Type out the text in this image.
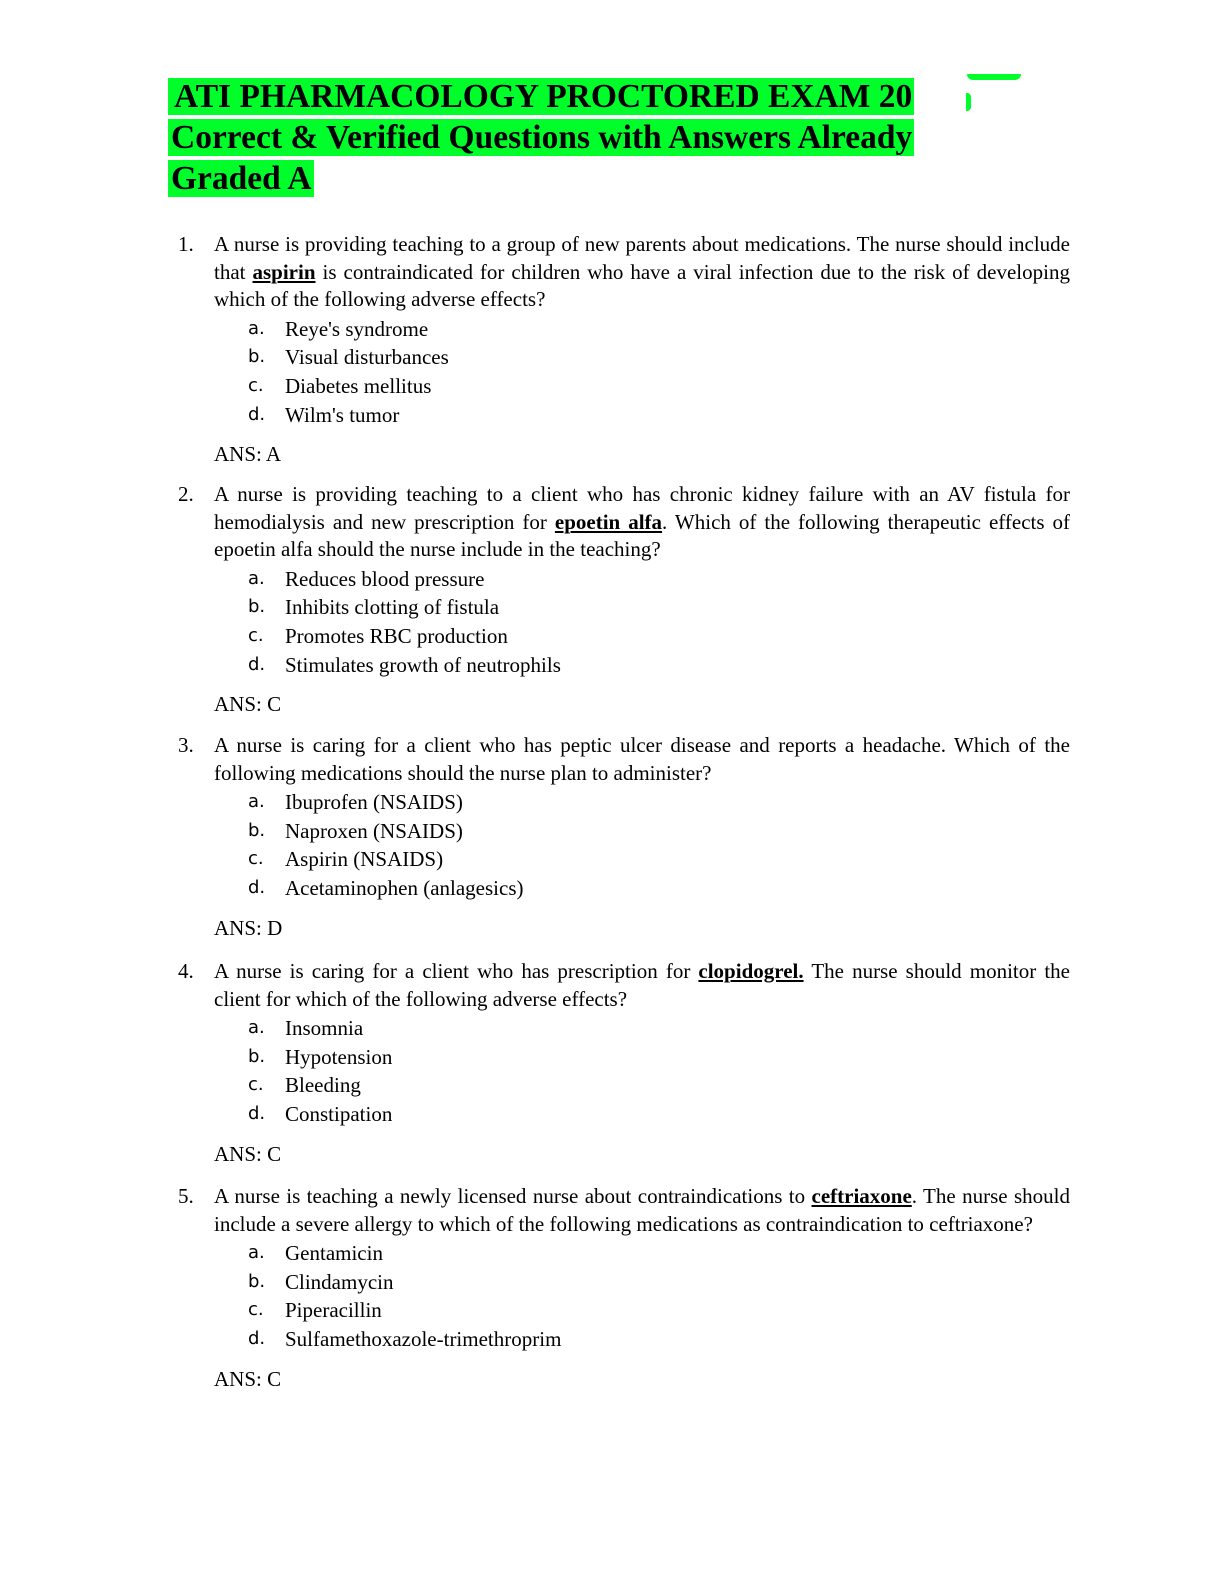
ATI PHARMACOLOGY PROCTORED EXAM 20
Correct & Verified Questions with Answers Already
Graded A
1. A nurse is providing teaching to a group of new parents about medications. The nurse should include that aspirin is contraindicated for children who have a viral infection due to the risk of developing which of the following adverse effects?
a. Reye's syndrome
b. Visual disturbances
c. Diabetes mellitus
d. Wilm's tumor
ANS: A
2. A nurse is providing teaching to a client who has chronic kidney failure with an AV fistula for hemodialysis and new prescription for epoetin alfa. Which of the following therapeutic effects of epoetin alfa should the nurse include in the teaching?
a. Reduces blood pressure
b. Inhibits clotting of fistula
c. Promotes RBC production
d. Stimulates growth of neutrophils
ANS: C
3. A nurse is caring for a client who has peptic ulcer disease and reports a headache. Which of the following medications should the nurse plan to administer?
a. Ibuprofen (NSAIDS)
b. Naproxen (NSAIDS)
c. Aspirin (NSAIDS)
d. Acetaminophen (anlagesics)
ANS: D
4. A nurse is caring for a client who has prescription for clopidogrel. The nurse should monitor the client for which of the following adverse effects?
a. Insomnia
b. Hypotension
c. Bleeding
d. Constipation
ANS: C
5. A nurse is teaching a newly licensed nurse about contraindications to ceftriaxone. The nurse should include a severe allergy to which of the following medications as contraindication to ceftriaxone?
a. Gentamicin
b. Clindamycin
c. Piperacillin
d. Sulfamethoxazole-trimethroprim
ANS: C
